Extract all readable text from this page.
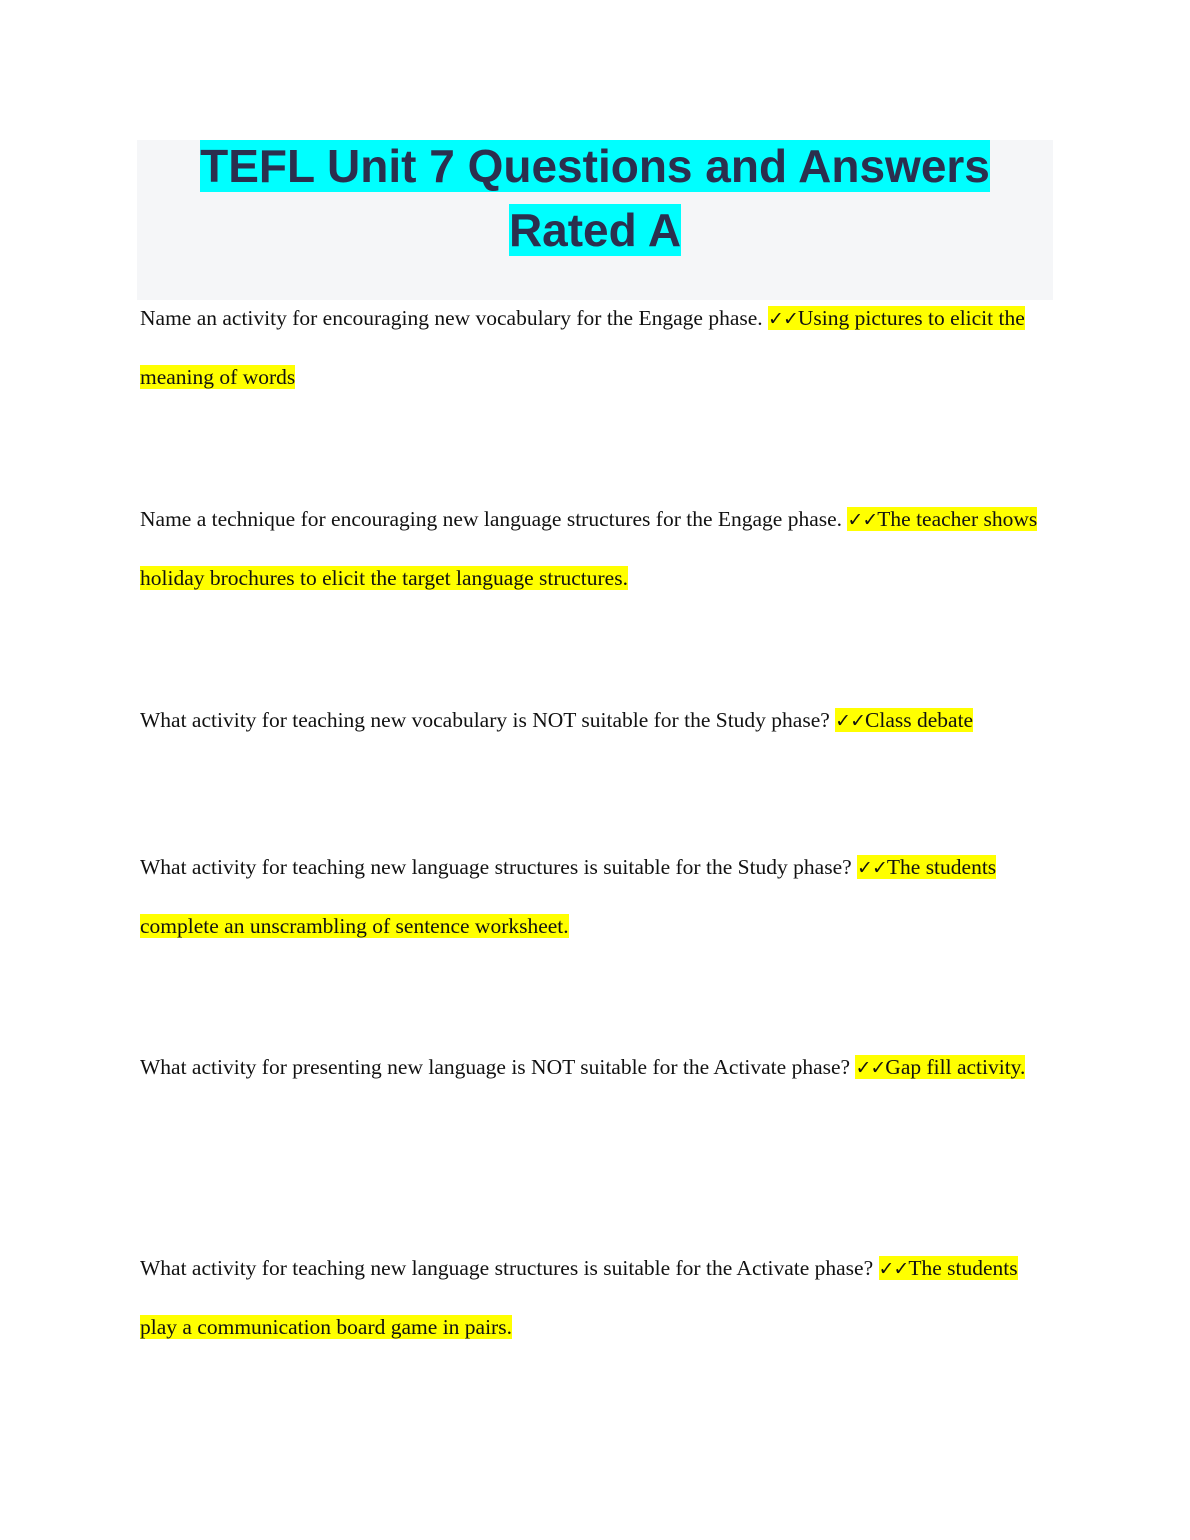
TEFL Unit 7 Questions and Answers Rated A

Name an activity for encouraging new vocabulary for the Engage phase. ✓✓Using pictures to elicit the meaning of words

Name a technique for encouraging new language structures for the Engage phase. ✓✓The teacher shows holiday brochures to elicit the target language structures.

What activity for teaching new vocabulary is NOT suitable for the Study phase? ✓✓Class debate

What activity for teaching new language structures is suitable for the Study phase? ✓✓The students complete an unscrambling of sentence worksheet.

What activity for presenting new language is NOT suitable for the Activate phase? ✓✓Gap fill activity.

What activity for teaching new language structures is suitable for the Activate phase? ✓✓The students play a communication board game in pairs.
